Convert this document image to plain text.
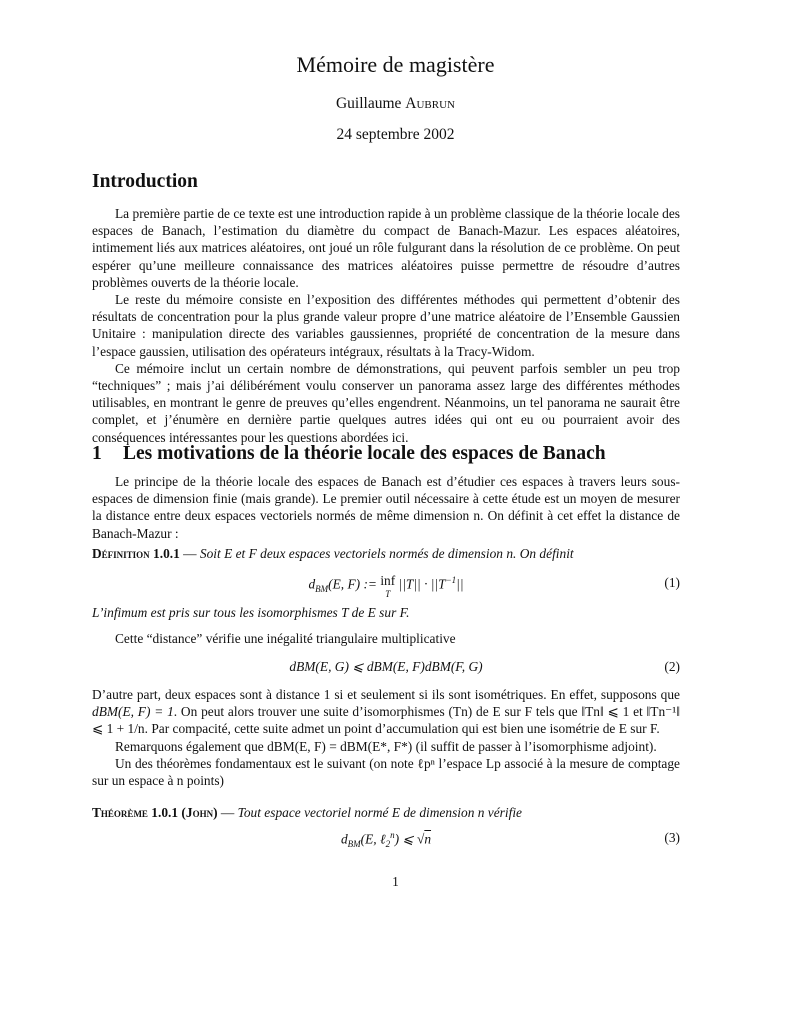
Mémoire de magistère
Guillaume Aubrun
24 septembre 2002
Introduction

La première partie de ce texte est une introduction rapide à un problème classique de la théorie locale des espaces de Banach, l’estimation du diamètre du compact de Banach-Mazur. Les espaces aléatoires, intimement liés aux matrices aléatoires, ont joué un rôle fulgurant dans la résolution de ce problème. On peut espérer qu’une meilleure connaissance des matrices aléatoires puisse permettre de résoudre d’autres problèmes ouverts de la théorie locale.

Le reste du mémoire consiste en l’exposition des différentes méthodes qui permettent d’obtenir des résultats de concentration pour la plus grande valeur propre d’une matrice aléatoire de l’Ensemble Gaussien Unitaire : manipulation directe des variables gaussiennes, propriété de concentration de la mesure dans l’espace gaussien, utilisation des opérateurs intégraux, résultats à la Tracy-Widom.

Ce mémoire inclut un certain nombre de démonstrations, qui peuvent parfois sembler un peu trop “techniques” ; mais j’ai délibérément voulu conserver un panorama assez large des différentes méthodes utilisables, en montrant le genre de preuves qu’elles engendrent. Néanmoins, un tel panorama ne saurait être complet, et j’énumère en dernière partie quelques autres idées qui ont eu ou pourraient avoir des conséquences intéressantes pour les questions abordées ici.

1 Les motivations de la théorie locale des espaces de Banach

Le principe de la théorie locale des espaces de Banach est d’étudier ces espaces à travers leurs sous-espaces de dimension finie (mais grande). Le premier outil nécessaire à cette étude est un moyen de mesurer la distance entre deux espaces vectoriels normés de même dimension n. On définit à cet effet la distance de Banach-Mazur :

Définition 1.0.1 — Soit E et F deux espaces vectoriels normés de dimension n. On définit

$d_{BM}(E$, F) := inf
T $||T|| \cdot ||T^{-1}||$	(1)

L’infimum est pris sur tous les isomorphismes T de E sur F.

Cette “distance” vérifie une inégalité triangulaire multiplicative

dBM(E, G) ⩽ dBM(E, F)dBM(F, G)	(2)

D’autre part, deux espaces sont à distance 1 si et seulement si ils sont isométriques. En effet, supposons que dBM(E, F) = 1. On peut alors trouver une suite d’isomorphismes (Tn) de E sur F tels que ‖Tn‖ ⩽ 1 et ‖Tn⁻¹‖ ⩽ 1 + 1/n. Par compacité, cette suite admet un point d’accumulation qui est bien une isométrie de E sur F.

Remarquons également que dBM(E, F) = dBM(E*, F*) (il suffit de passer à l’isomorphisme adjoint).

Un des théorèmes fondamentaux est le suivant (on note ℓpⁿ l’espace Lp associé à la mesure de comptage sur un espace à n points)

Théorème 1.0.1 (John) — Tout espace vectoriel normé E de dimension n vérifie

$d_{BM}(E$, ℓ$_2^n$) ⩽ √n	(3)
1
